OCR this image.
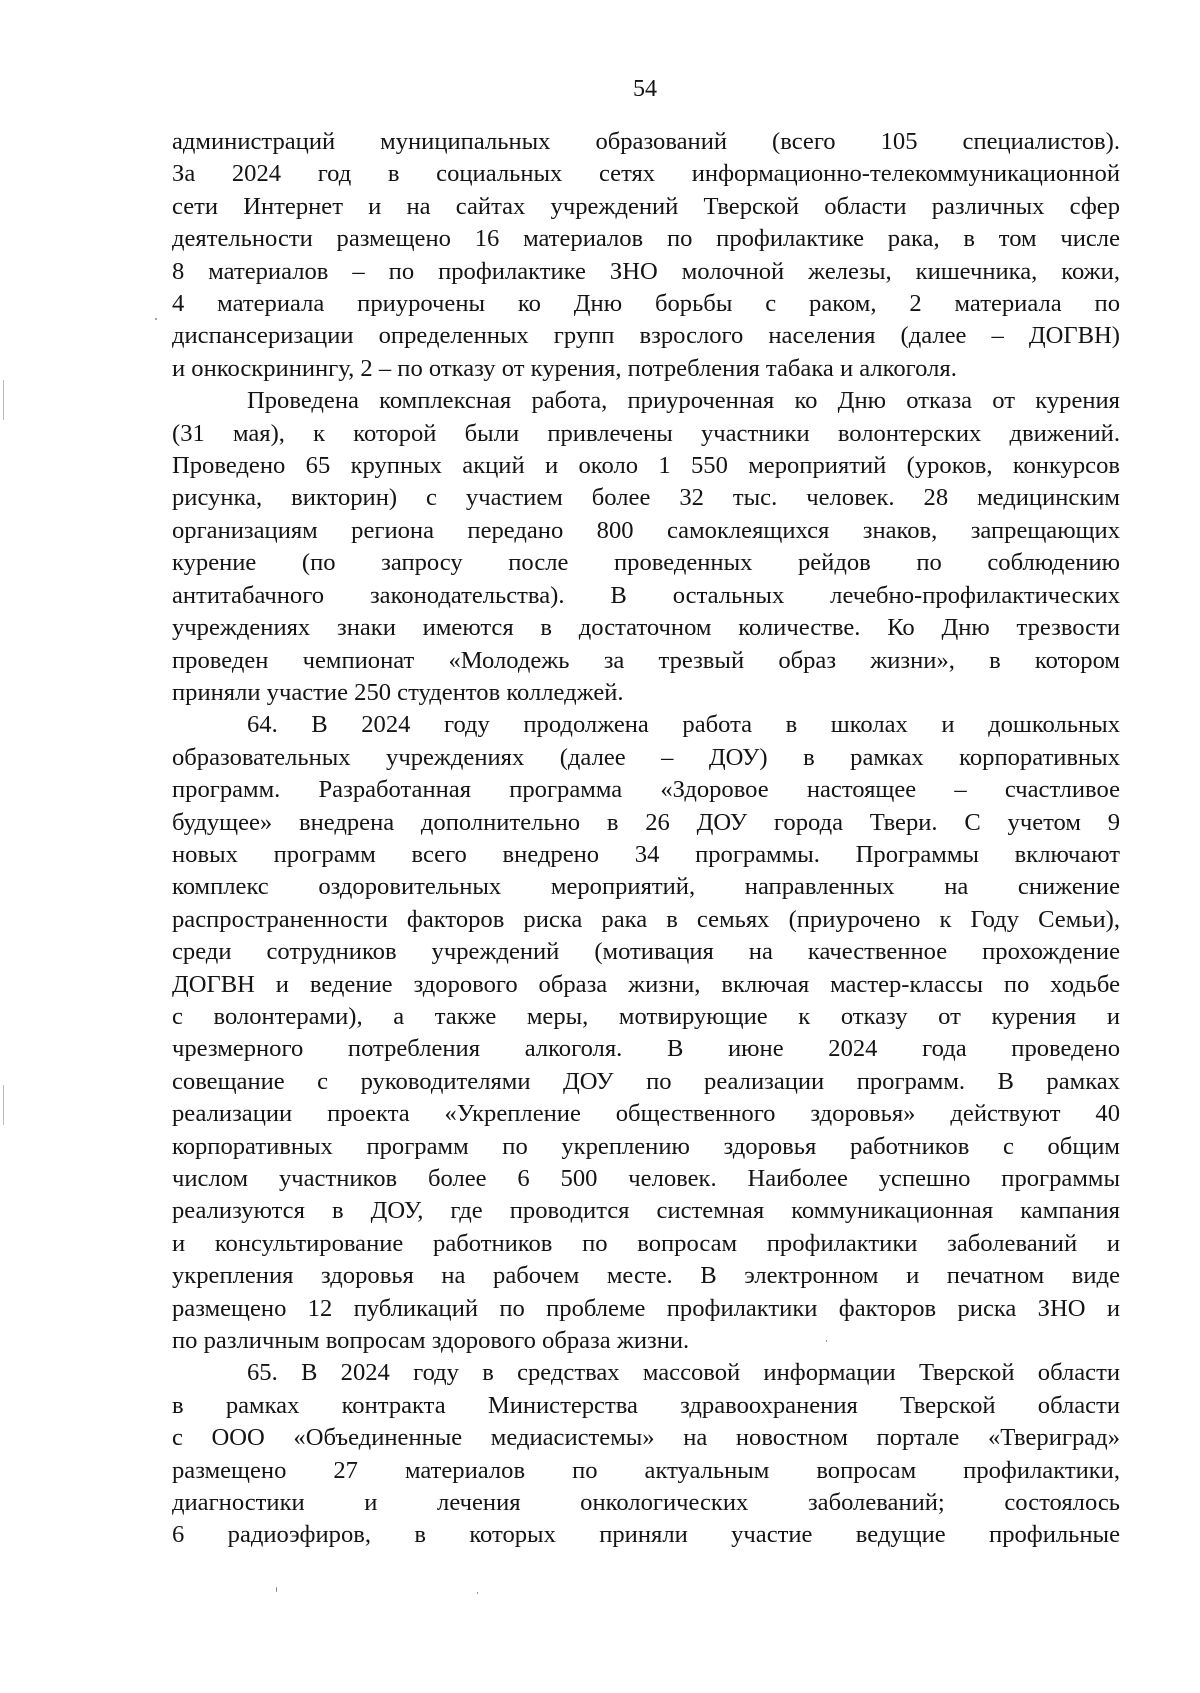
54

администраций муниципальных образований (всего 105 специалистов).
За 2024 год в социальных сетях информационно-телекоммуникационной
сети Интернет и на сайтах учреждений Тверской области различных сфер
деятельности размещено 16 материалов по профилактике рака, в том числе
8 материалов – по профилактике ЗНО молочной железы, кишечника, кожи,
4 материала приурочены ко Дню борьбы с раком, 2 материала по
диспансеризации определенных групп взрослого населения (далее – ДОГВН)
и онкоскринингу, 2 – по отказу от курения, потребления табака и алкоголя.

Проведена комплексная работа, приуроченная ко Дню отказа от курения
(31 мая), к которой были привлечены участники волонтерских движений.
Проведено 65 крупных акций и около 1 550 мероприятий (уроков, конкурсов
рисунка, викторин) с участием более 32 тыс. человек. 28 медицинским
организациям региона передано 800 самоклеящихся знаков, запрещающих
курение (по запросу после проведенных рейдов по соблюдению
антитабачного законодательства). В остальных лечебно-профилактических
учреждениях знаки имеются в достаточном количестве. Ко Дню трезвости
проведен чемпионат «Молодежь за трезвый образ жизни», в котором
приняли участие 250 студентов колледжей.

64. В 2024 году продолжена работа в школах и дошкольных
образовательных учреждениях (далее – ДОУ) в рамках корпоративных
программ. Разработанная программа «Здоровое настоящее – счастливое
будущее» внедрена дополнительно в 26 ДОУ города Твери. С учетом 9
новых программ всего внедрено 34 программы. Программы включают
комплекс оздоровительных мероприятий, направленных на снижение
распространенности факторов риска рака в семьях (приурочено к Году Семьи),
среди сотрудников учреждений (мотивация на качественное прохождение
ДОГВН и ведение здорового образа жизни, включая мастер-классы по ходьбе
с волонтерами), а также меры, мотвирующие к отказу от курения и
чрезмерного потребления алкоголя. В июне 2024 года проведено
совещание с руководителями ДОУ по реализации программ. В рамках
реализации проекта «Укрепление общественного здоровья» действуют 40
корпоративных программ по укреплению здоровья работников с общим
числом участников более 6 500 человек. Наиболее успешно программы
реализуются в ДОУ, где проводится системная коммуникационная кампания
и консультирование работников по вопросам профилактики заболеваний и
укрепления здоровья на рабочем месте. В электронном и печатном виде
размещено 12 публикаций по проблеме профилактики факторов риска ЗНО и
по различным вопросам здорового образа жизни.

65. В 2024 году в средствах массовой информации Тверской области
в рамках контракта Министерства здравоохранения Тверской области
с ООО «Объединенные медиасистемы» на новостном портале «Твериград»
размещено 27 материалов по актуальным вопросам профилактики,
диагностики и лечения онкологических заболеваний; состоялось
6 радиоэфиров, в которых приняли участие ведущие профильные
